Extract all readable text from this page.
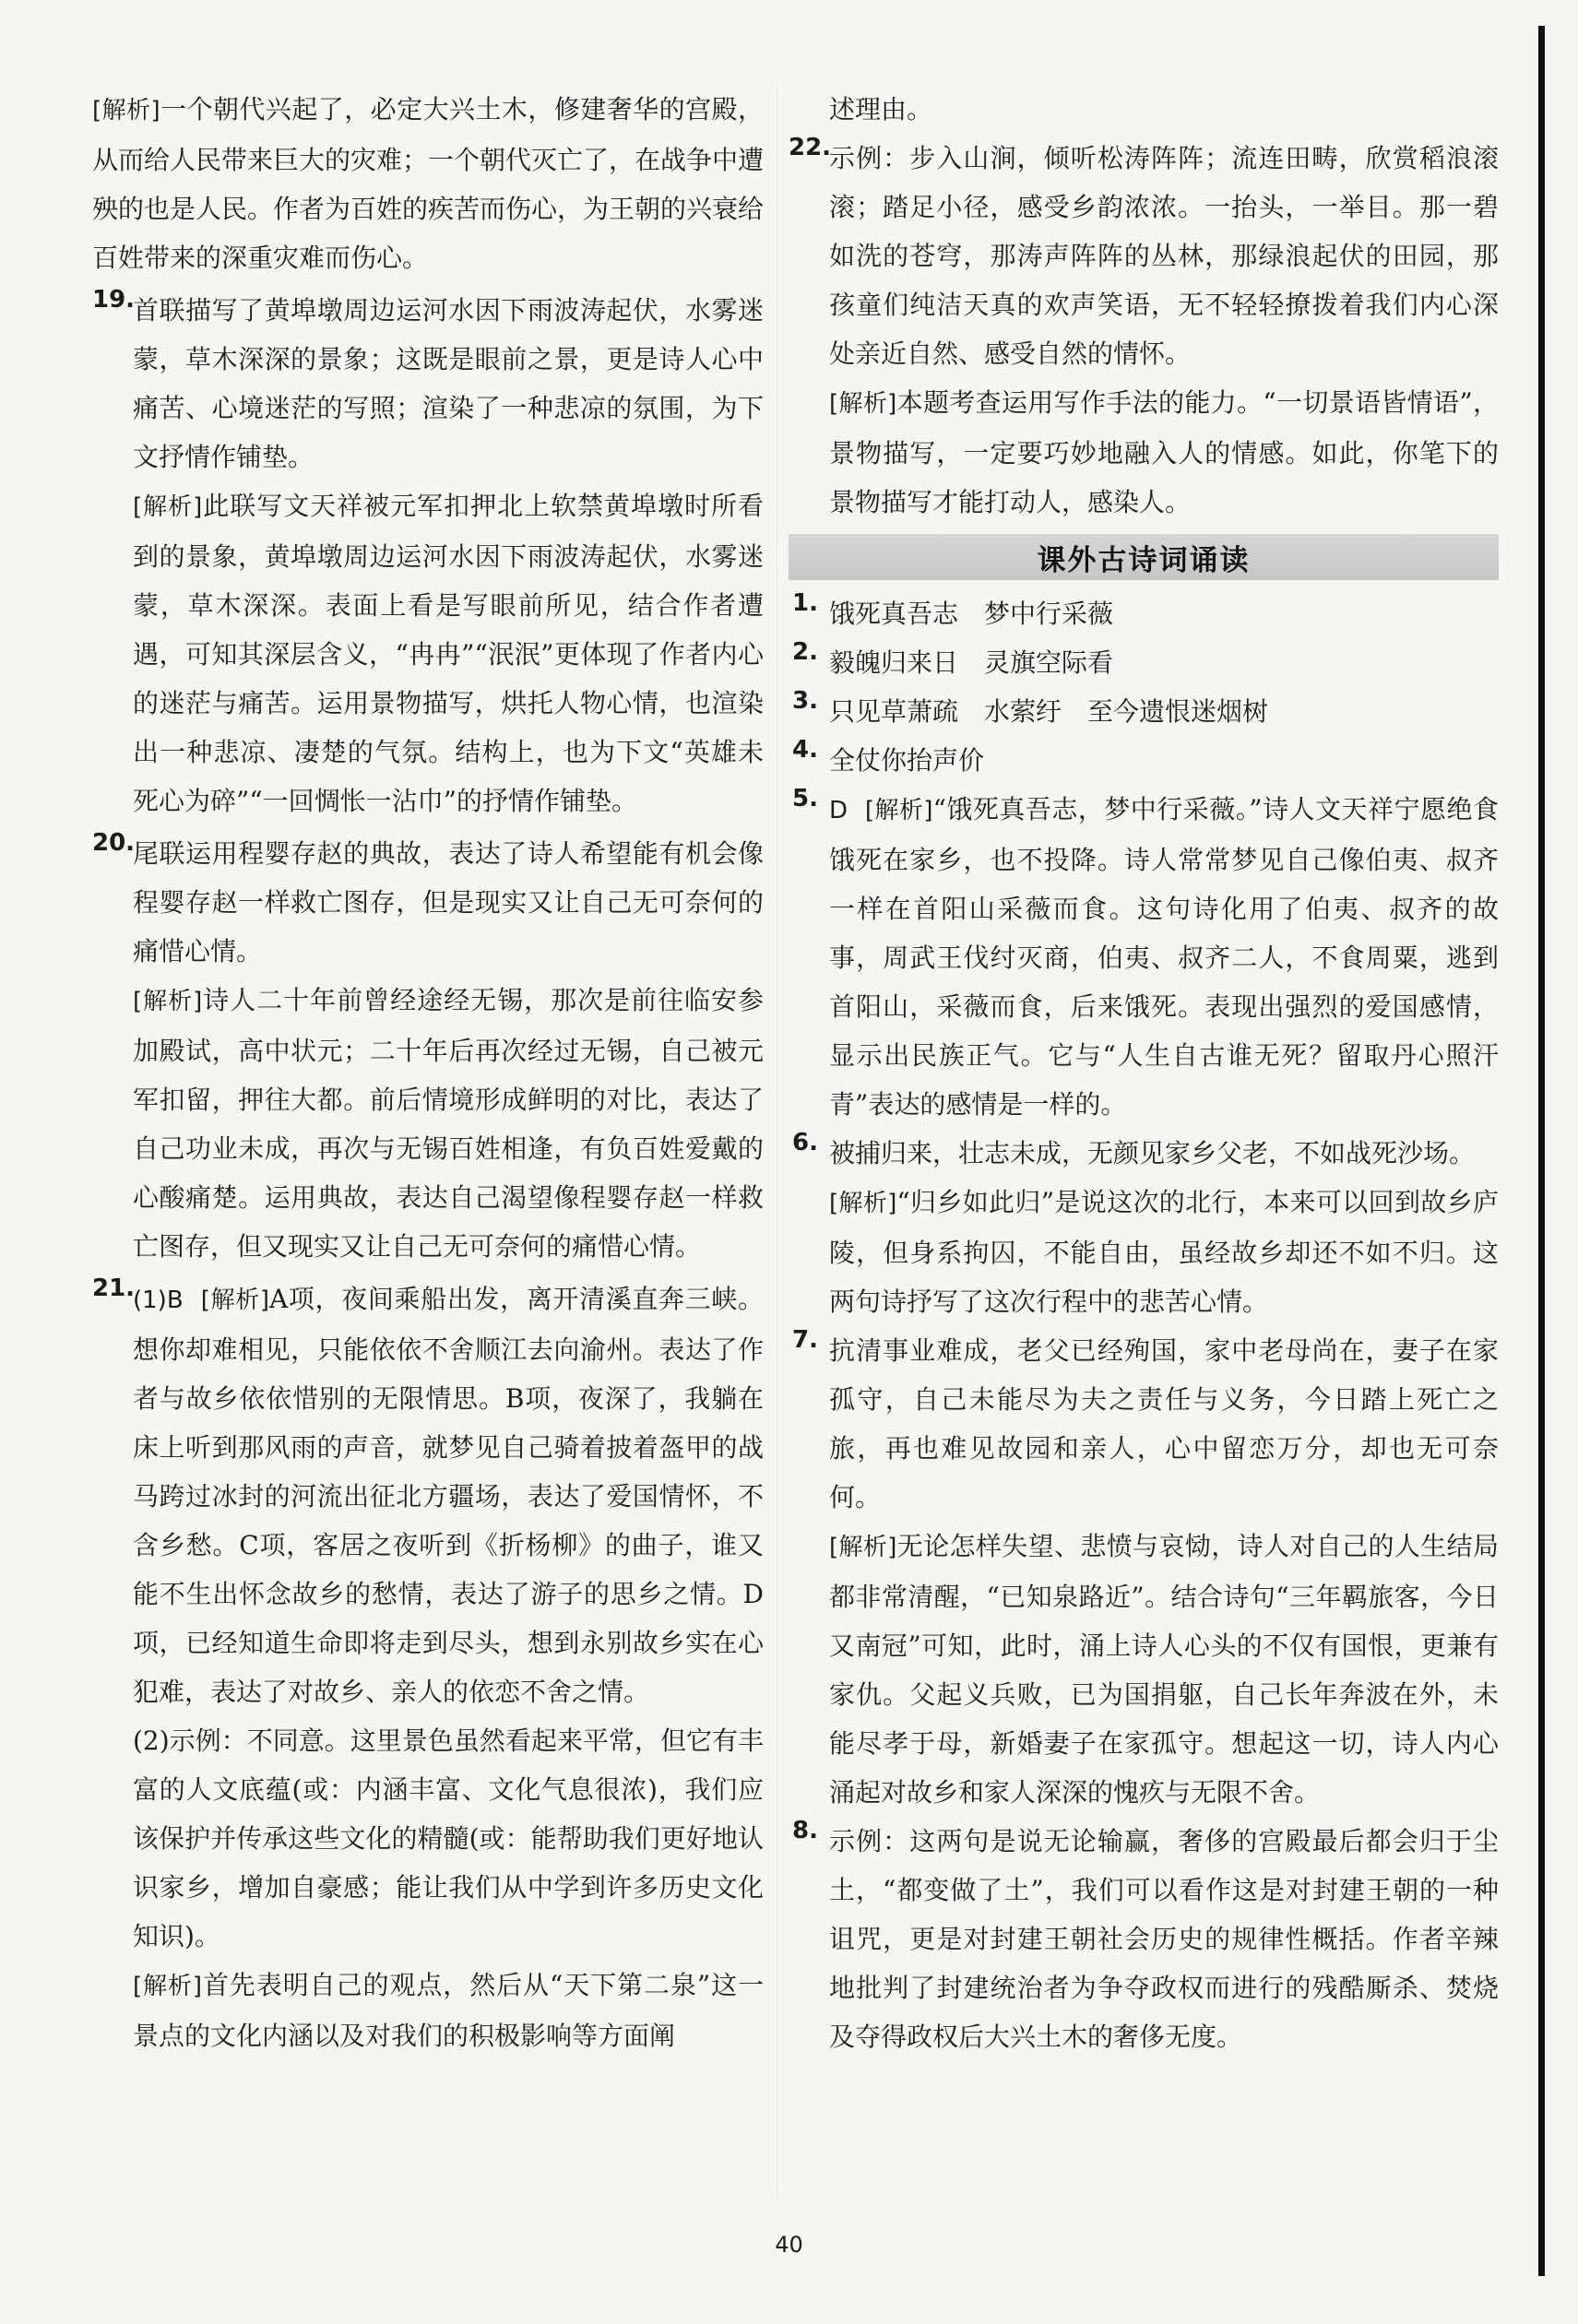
[解析]一个朝代兴起了，必定大兴土木，修建奢华的宫殿，从而给人民带来巨大的灾难；一个朝代灭亡了，在战争中遭殃的也是人民。作者为百姓的疾苦而伤心，为王朝的兴衰给百姓带来的深重灾难而伤心。

19.

首联描写了黄埠墩周边运河水因下雨波涛起伏，水雾迷蒙，草木深深的景象；这既是眼前之景，更是诗人心中痛苦、心境迷茫的写照；渲染了一种悲凉的氛围，为下文抒情作铺垫。

[解析]此联写文天祥被元军扣押北上软禁黄埠墩时所看到的景象，黄埠墩周边运河水因下雨波涛起伏，水雾迷蒙，草木深深。表面上看是写眼前所见，结合作者遭遇，可知其深层含义，“冉冉”“泯泯”更体现了作者内心的迷茫与痛苦。运用景物描写，烘托人物心情，也渲染出一种悲凉、凄楚的气氛。结构上，也为下文“英雄未死心为碎”“一回惆怅一沾巾”的抒情作铺垫。

20.

尾联运用程婴存赵的典故，表达了诗人希望能有机会像程婴存赵一样救亡图存，但是现实又让自己无可奈何的痛惜心情。

[解析]诗人二十年前曾经途经无锡，那次是前往临安参加殿试，高中状元；二十年后再次经过无锡，自己被元军扣留，押往大都。前后情境形成鲜明的对比，表达了自己功业未成，再次与无锡百姓相逢，有负百姓爱戴的心酸痛楚。运用典故，表达自己渴望像程婴存赵一样救亡图存，但又现实又让自己无可奈何的痛惜心情。

21.

(1)B [解析]A项，夜间乘船出发，离开清溪直奔三峡。想你却难相见，只能依依不舍顺江去向渝州。表达了作者与故乡依依惜别的无限情思。B项，夜深了，我躺在床上听到那风雨的声音，就梦见自己骑着披着盔甲的战马跨过冰封的河流出征北方疆场，表达了爱国情怀，不含乡愁。C项，客居之夜听到《折杨柳》的曲子，谁又能不生出怀念故乡的愁情，表达了游子的思乡之情。D项，已经知道生命即将走到尽头，想到永别故乡实在心犯难，表达了对故乡、亲人的依恋不舍之情。

(2)示例：不同意。这里景色虽然看起来平常，但它有丰富的人文底蕴(或：内涵丰富、文化气息很浓)，我们应该保护并传承这些文化的精髓(或：能帮助我们更好地认识家乡，增加自豪感；能让我们从中学到许多历史文化知识)。

[解析]首先表明自己的观点，然后从“天下第二泉”这一景点的文化内涵以及对我们的积极影响等方面阐

述理由。

22.

示例：步入山涧，倾听松涛阵阵；流连田畴，欣赏稻浪滚滚；踏足小径，感受乡韵浓浓。一抬头，一举目。那一碧如洗的苍穹，那涛声阵阵的丛林，那绿浪起伏的田园，那孩童们纯洁天真的欢声笑语，无不轻轻撩拨着我们内心深处亲近自然、感受自然的情怀。

[解析]本题考查运用写作手法的能力。“一切景语皆情语”，景物描写，一定要巧妙地融入人的情感。如此，你笔下的景物描写才能打动人，感染人。

课外古诗词诵读
1. 饿死真吾志　梦中行采薇

2. 毅魄归来日　灵旗空际看

3. 只见草萧疏　水萦纡　至今遗恨迷烟树

4. 全仗你抬声价

5. D [解析]“饿死真吾志，梦中行采薇。”诗人文天祥宁愿绝食饿死在家乡，也不投降。诗人常常梦见自己像伯夷、叔齐一样在首阳山采薇而食。这句诗化用了伯夷、叔齐的故事，周武王伐纣灭商，伯夷、叔齐二人，不食周粟，逃到首阳山，采薇而食，后来饿死。表现出强烈的爱国感情，显示出民族正气。它与“人生自古谁无死？留取丹心照汗青”表达的感情是一样的。

6. 被捕归来，壮志未成，无颜见家乡父老，不如战死沙场。

[解析]“归乡如此归”是说这次的北行，本来可以回到故乡庐陵，但身系拘囚，不能自由，虽经故乡却还不如不归。这两句诗抒写了这次行程中的悲苦心情。

7. 抗清事业难成，老父已经殉国，家中老母尚在，妻子在家孤守，自己未能尽为夫之责任与义务，今日踏上死亡之旅，再也难见故园和亲人，心中留恋万分，却也无可奈何。

[解析]无论怎样失望、悲愤与哀恸，诗人对自己的人生结局都非常清醒，“已知泉路近”。结合诗句“三年羁旅客，今日又南冠”可知，此时，涌上诗人心头的不仅有国恨，更兼有家仇。父起义兵败，已为国捐躯，自己长年奔波在外，未能尽孝于母，新婚妻子在家孤守。想起这一切，诗人内心涌起对故乡和家人深深的愧疚与无限不舍。

8. 示例：这两句是说无论输赢，奢侈的宫殿最后都会归于尘土，“都变做了土”，我们可以看作这是对封建王朝的一种诅咒，更是对封建王朝社会历史的规律性概括。作者辛辣地批判了封建统治者为争夺政权而进行的残酷厮杀、焚烧及夺得政权后大兴土木的奢侈无度。

40
